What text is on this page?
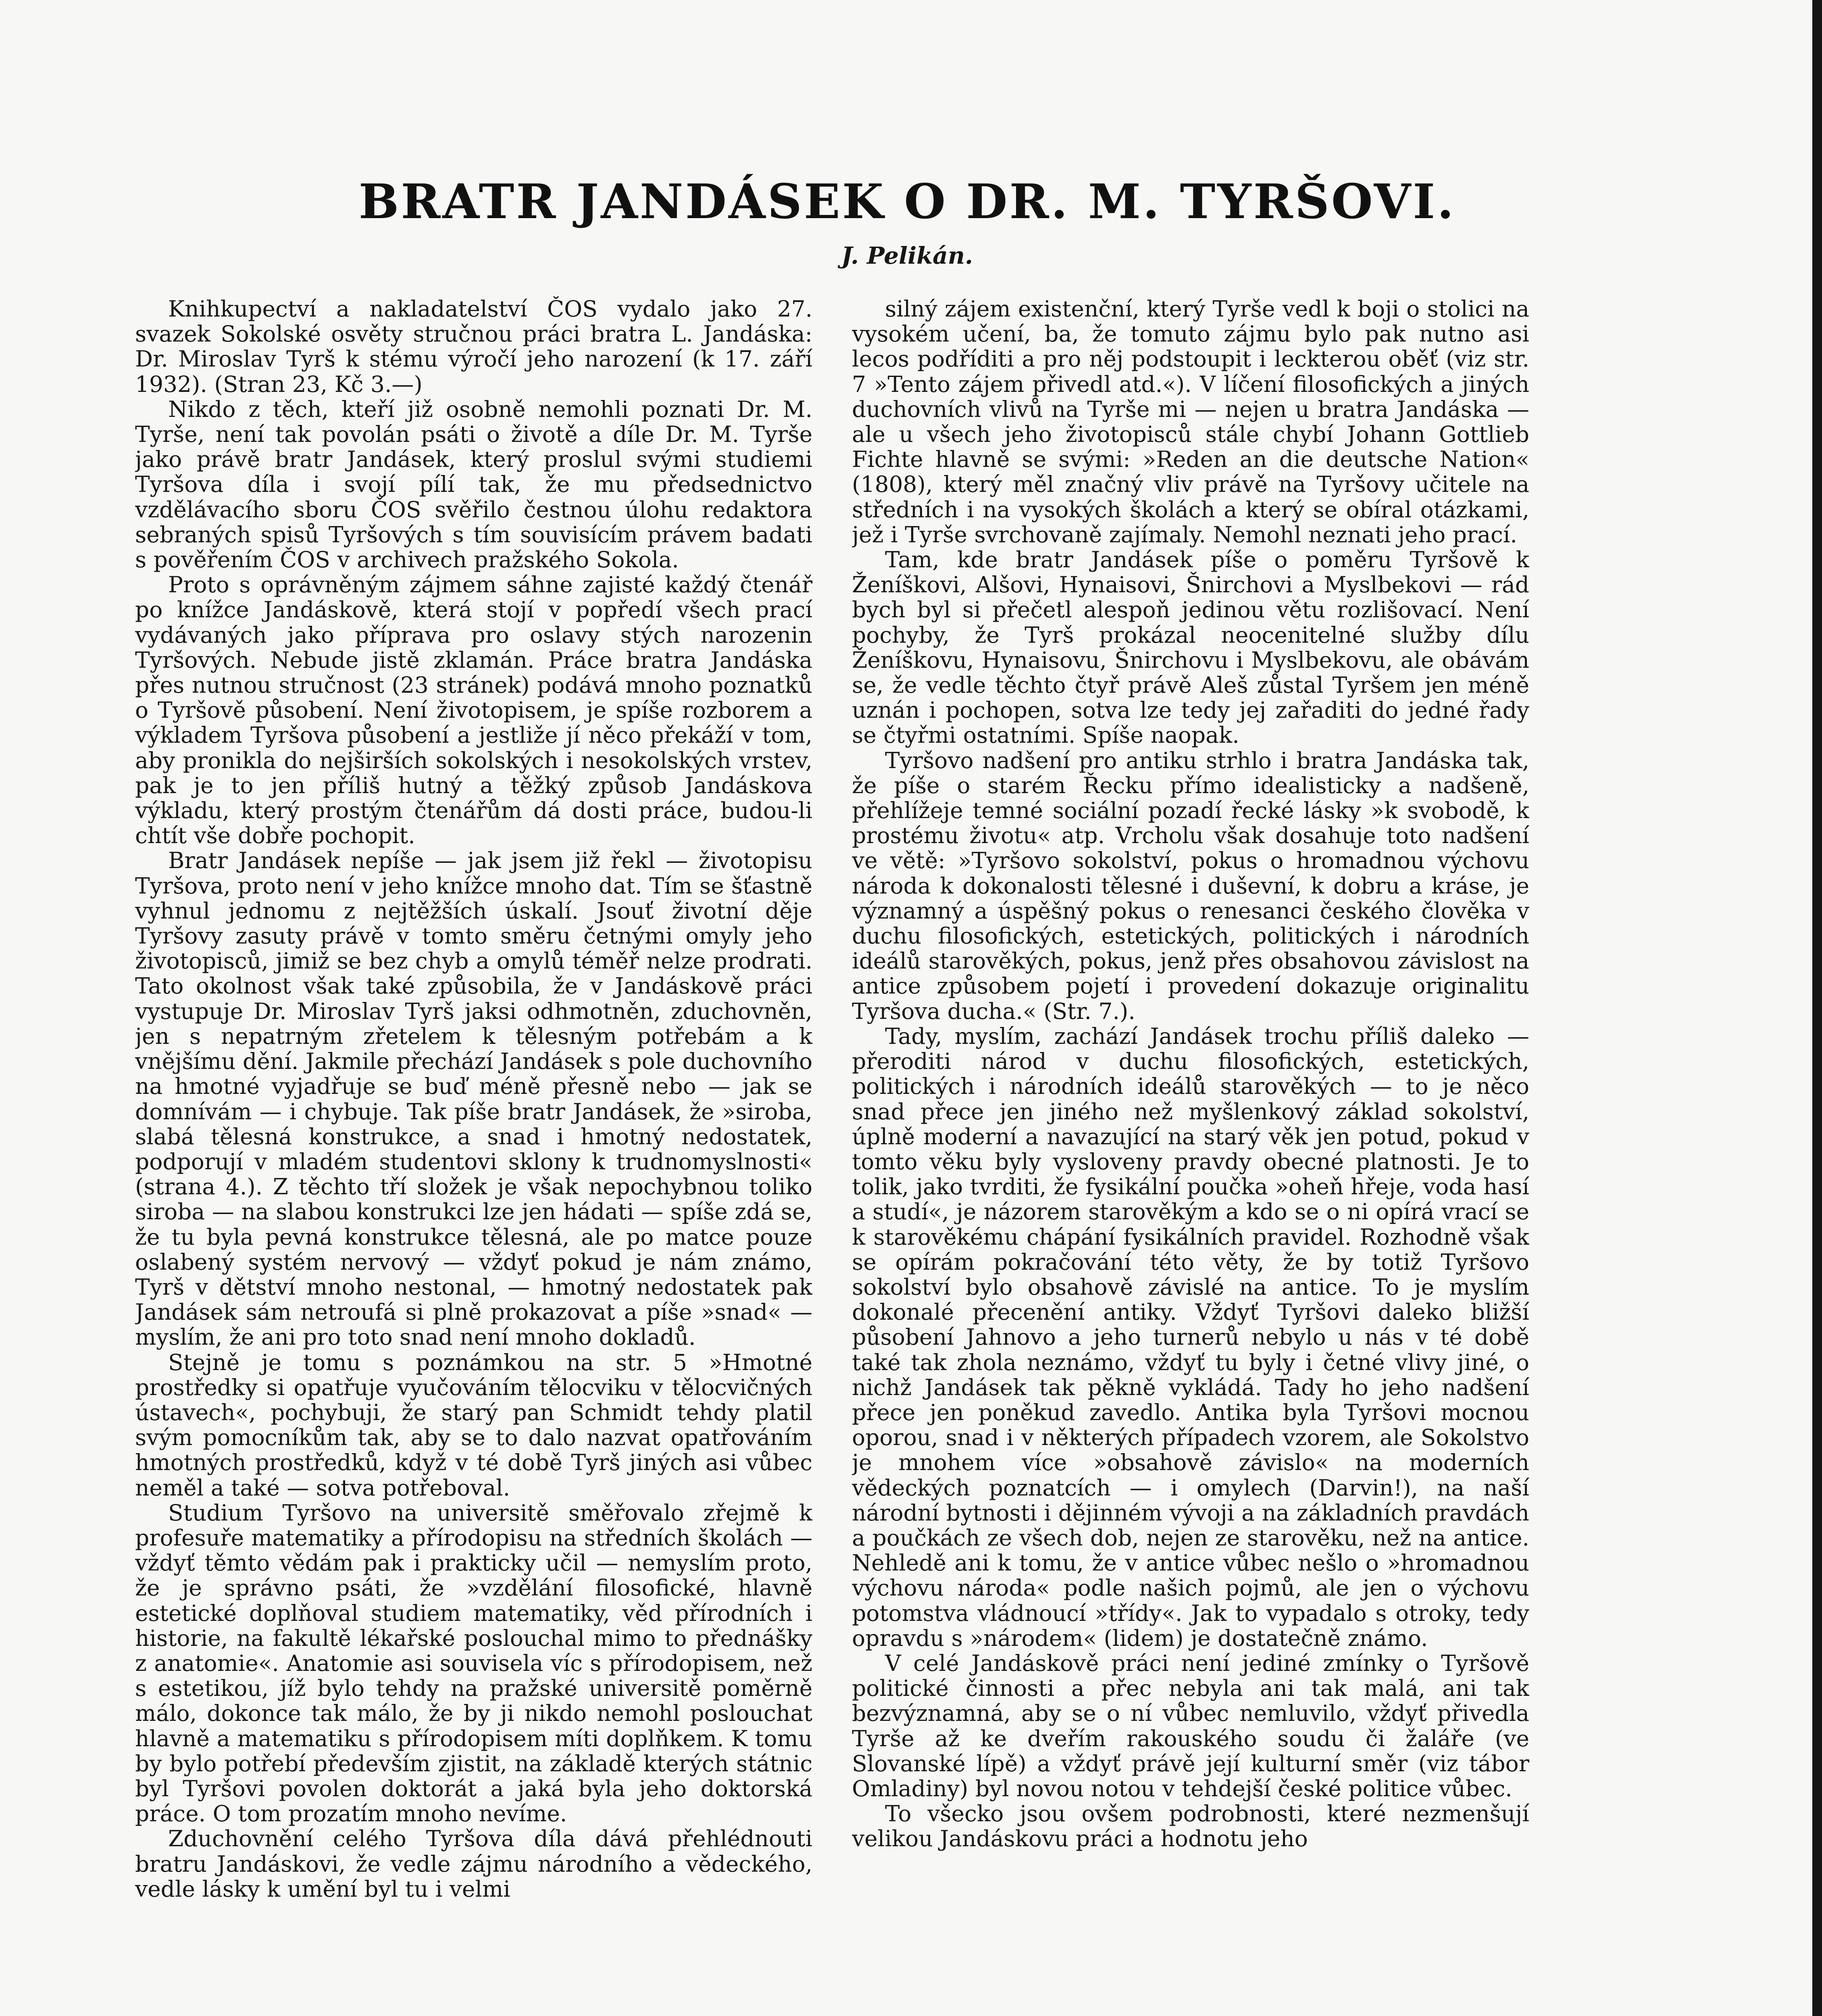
BRATR JANDÁSEK O DR. M. TYRŠOVI.
J. Pelikán.

Knihkupectví a nakladatelství ČOS vydalo jako 27. svazek Sokolské osvěty stručnou práci bratra L. Jandáska: Dr. Miroslav Tyrš k stému výročí jeho narození (k 17. září 1932). (Stran 23, Kč 3.—)

Nikdo z těch, kteří již osobně nemohli poznati Dr. M. Tyrše, není tak povolán psáti o životě a díle Dr. M. Tyrše jako právě bratr Jandásek, který proslul svými studiemi Tyršova díla i svojí pílí tak, že mu předsednictvo vzdělávacího sboru ČOS svěřilo čestnou úlohu redaktora sebraných spisů Tyršových s tím souvisícím právem badati s pověřením ČOS v archivech pražského Sokola.

Proto s oprávněným zájmem sáhne zajisté každý čtenář po knížce Jandáskově, která stojí v popředí všech prací vydávaných jako příprava pro oslavy stých narozenin Tyršových. Nebude jistě zklamán. Práce bratra Jandáska přes nutnou stručnost (23 stránek) podává mnoho poznatků o Tyršově působení. Není životopisem, je spíše rozborem a výkladem Tyršova působení a jestliže jí něco překáží v tom, aby pronikla do nejširších sokolských i nesokolských vrstev, pak je to jen příliš hutný a těžký způsob Jandáskova výkladu, který prostým čtenářům dá dosti práce, budou-li chtít vše dobře pochopit.

Bratr Jandásek nepíše — jak jsem již řekl — životopisu Tyršova, proto není v jeho knížce mnoho dat. Tím se šťastně vyhnul jednomu z nejtěžších úskalí. Jsouť životní děje Tyršovy zasuty právě v tomto směru četnými omyly jeho životopisců, jimiž se bez chyb a omylů téměř nelze prodrati. Tato okolnost však také způsobila, že v Jandáskově práci vystupuje Dr. Miroslav Tyrš jaksi odhmotněn, zduchovněn, jen s nepatrným zřetelem k tělesným potřebám a k vnějšímu dění. Jakmile přechází Jandásek s pole duchovního na hmotné vyjadřuje se buď méně přesně nebo — jak se domnívám — i chybuje. Tak píše bratr Jandásek, že »siroba, slabá tělesná konstrukce, a snad i hmotný nedostatek, podporují v mladém studentovi sklony k trudnomyslnosti« (strana 4.). Z těchto tří složek je však nepochybnou toliko siroba — na slabou konstrukci lze jen hádati — spíše zdá se, že tu byla pevná konstrukce tělesná, ale po matce pouze oslabený systém nervový — vždyť pokud je nám známo, Tyrš v dětství mnoho nestonal, — hmotný nedostatek pak Jandásek sám netroufá si plně prokazovat a píše »snad« — myslím, že ani pro toto snad není mnoho dokladů.

Stejně je tomu s poznámkou na str. 5 »Hmotné prostředky si opatřuje vyučováním tělocviku v tělocvičných ústavech«, pochybuji, že starý pan Schmidt tehdy platil svým pomocníkům tak, aby se to dalo nazvat opatřováním hmotných prostředků, když v té době Tyrš jiných asi vůbec neměl a také — sotva potřeboval.

Studium Tyršovo na universitě směřovalo zřejmě k profesuře matematiky a přírodopisu na středních školách — vždyť těmto vědám pak i prakticky učil — nemyslím proto, že je správno psáti, že »vzdělání filosofické, hlavně estetické doplňoval studiem matematiky, věd přírodních i historie, na fakultě lékařské poslouchal mimo to přednášky z anatomie«. Anatomie asi souvisela víc s přírodopisem, než s estetikou, jíž bylo tehdy na pražské universitě poměrně málo, dokonce tak málo, že by ji nikdo nemohl poslouchat hlavně a matematiku s přírodopisem míti doplňkem. K tomu by bylo potřebí především zjistit, na základě kterých státnic byl Tyršovi povolen doktorát a jaká byla jeho doktorská práce. O tom prozatím mnoho nevíme.

Zduchovnění celého Tyršova díla dává přehlédnouti bratru Jandáskovi, že vedle zájmu národního a vědeckého, vedle lásky k umění byl tu i velmi

silný zájem existenční, který Tyrše vedl k boji o stolici na vysokém učení, ba, že tomuto zájmu bylo pak nutno asi lecos podříditi a pro něj podstoupit i leckterou oběť (viz str. 7 »Tento zájem přivedl atd.«). V líčení filosofických a jiných duchovních vlivů na Tyrše mi — nejen u bratra Jandáska — ale u všech jeho životopisců stále chybí Johann Gottlieb Fichte hlavně se svými: »Reden an die deutsche Nation« (1808), který měl značný vliv právě na Tyršovy učitele na středních i na vysokých školách a který se obíral otázkami, jež i Tyrše svrchovaně zajímaly. Nemohl neznati jeho prací.

Tam, kde bratr Jandásek píše o poměru Tyršově k Ženíškovi, Alšovi, Hynaisovi, Šnirchovi a Myslbekovi — rád bych byl si přečetl alespoň jedinou větu rozlišovací. Není pochyby, že Tyrš prokázal neocenitelné služby dílu Ženíškovu, Hynaisovu, Šnirchovu i Myslbekovu, ale obávám se, že vedle těchto čtyř právě Aleš zůstal Tyršem jen méně uznán i pochopen, sotva lze tedy jej zařaditi do jedné řady se čtyřmi ostatními. Spíše naopak.

Tyršovo nadšení pro antiku strhlo i bratra Jandáska tak, že píše o starém Řecku přímo idealisticky a nadšeně, přehlížeje temné sociální pozadí řecké lásky »k svobodě, k prostému životu« atp. Vrcholu však dosahuje toto nadšení ve větě: »Tyršovo sokolství, pokus o hromadnou výchovu národa k dokonalosti tělesné i duševní, k dobru a kráse, je významný a úspěšný pokus o renesanci českého člověka v duchu filosofických, estetických, politických i národních ideálů starověkých, pokus, jenž přes obsahovou závislost na antice způsobem pojetí i provedení dokazuje originalitu Tyršova ducha.« (Str. 7.).

Tady, myslím, zachází Jandásek trochu příliš daleko — přeroditi národ v duchu filosofických, estetických, politických i národních ideálů starověkých — to je něco snad přece jen jiného než myšlenkový základ sokolství, úplně moderní a navazující na starý věk jen potud, pokud v tomto věku byly vysloveny pravdy obecné platnosti. Je to tolik, jako tvrditi, že fysikální poučka »oheň hřeje, voda hasí a studí«, je názorem starověkým a kdo se o ni opírá vrací se k starověkému chápání fysikálních pravidel. Rozhodně však se opírám pokračování této věty, že by totiž Tyršovo sokolství bylo obsahově závislé na antice. To je myslím dokonalé přecenění antiky. Vždyť Tyršovi daleko bližší působení Jahnovo a jeho turnerů nebylo u nás v té době také tak zhola neznámo, vždyť tu byly i četné vlivy jiné, o nichž Jandásek tak pěkně vykládá. Tady ho jeho nadšení přece jen poněkud zavedlo. Antika byla Tyršovi mocnou oporou, snad i v některých případech vzorem, ale Sokolstvo je mnohem více »obsahově závislo« na moderních vědeckých poznatcích — i omylech (Darvin!), na naší národní bytnosti i dějinném vývoji a na základních pravdách a poučkách ze všech dob, nejen ze starověku, než na antice. Nehledě ani k tomu, že v antice vůbec nešlo o »hromadnou výchovu národa« podle našich pojmů, ale jen o výchovu potomstva vládnoucí »třídy«. Jak to vypadalo s otroky, tedy opravdu s »národem« (lidem) je dostatečně známo.

V celé Jandáskově práci není jediné zmínky o Tyršově politické činnosti a přec nebyla ani tak malá, ani tak bezvýznamná, aby se o ní vůbec nemluvilo, vždyť přivedla Tyrše až ke dveřím rakouského soudu či žaláře (ve Slovanské lípě) a vždyť právě její kulturní směr (viz tábor Omladiny) byl novou notou v tehdejší české politice vůbec.

To všecko jsou ovšem podrobnosti, které nezmenšují velikou Jandáskovu práci a hodnotu jeho
